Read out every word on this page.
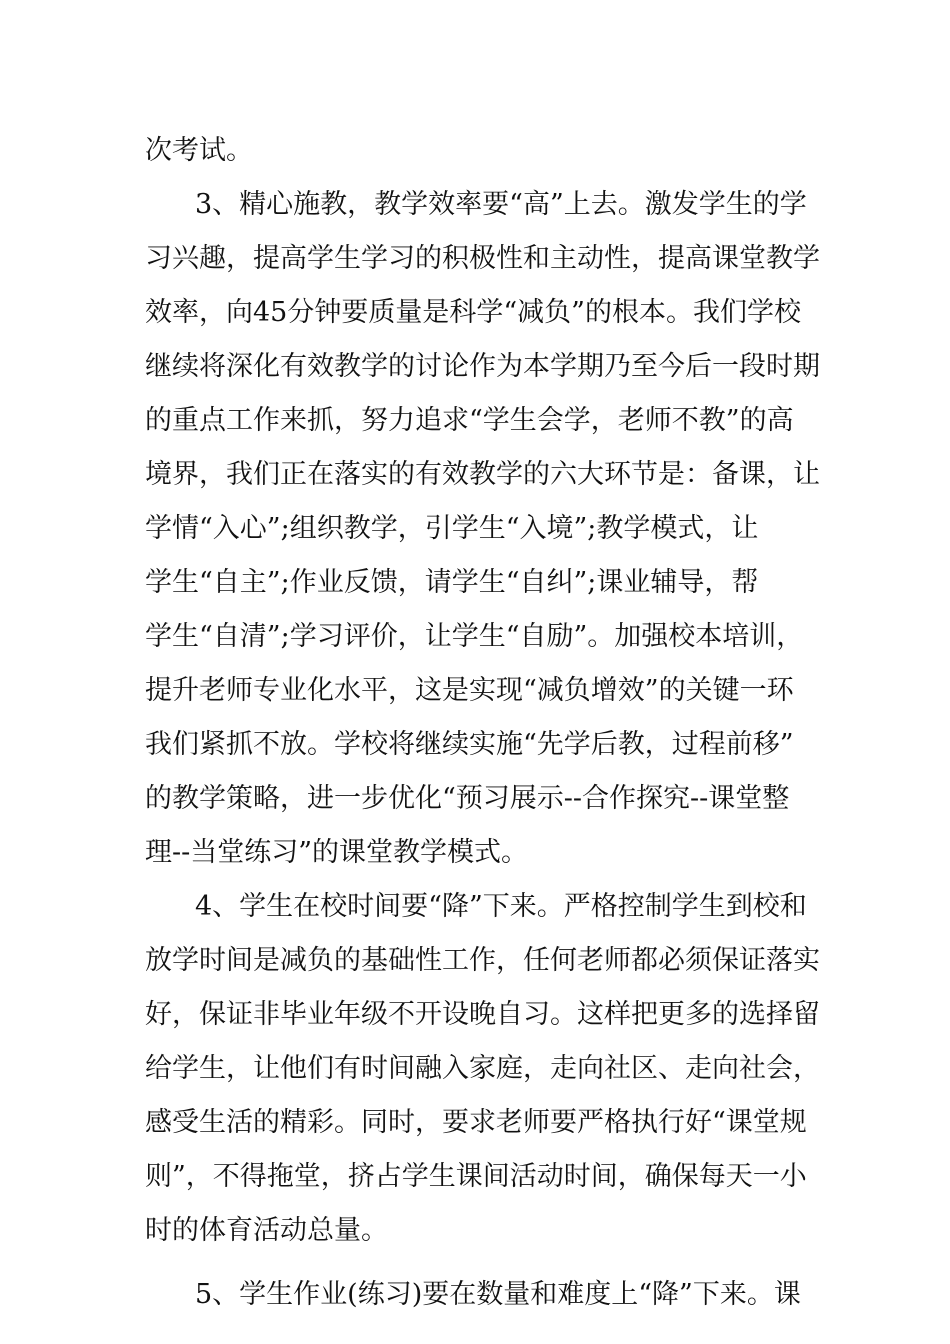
次考试。
3、精心施教，教学效率要“高”上去。激发学生的学
习兴趣，提高学生学习的积极性和主动性，提高课堂教学
效率，向45分钟要质量是科学“减负”的根本。我们学校
继续将深化有效教学的讨论作为本学期乃至今后一段时期
的重点工作来抓，努力追求“学生会学，老师不教”的高
境界，我们正在落实的有效教学的六大环节是：备课，让
学情“入心”;组织教学，引学生“入境”;教学模式，让
学生“自主”;作业反馈，请学生“自纠”;课业辅导，帮
学生“自清”;学习评价，让学生“自励”。加强校本培训，
提升老师专业化水平，这是实现“减负增效”的关键一环
我们紧抓不放。学校将继续实施“先学后教，过程前移”
的教学策略，进一步优化“预习展示--合作探究--课堂整
理--当堂练习”的课堂教学模式。
4、学生在校时间要“降”下来。严格控制学生到校和
放学时间是减负的基础性工作，任何老师都必须保证落实
好，保证非毕业年级不开设晚自习。这样把更多的选择留
给学生，让他们有时间融入家庭，走向社区、走向社会，
感受生活的精彩。同时，要求老师要严格执行好“课堂规
则”，不得拖堂，挤占学生课间活动时间，确保每天一小
时的体育活动总量。
5、学生作业(练习)要在数量和难度上“降”下来。课
